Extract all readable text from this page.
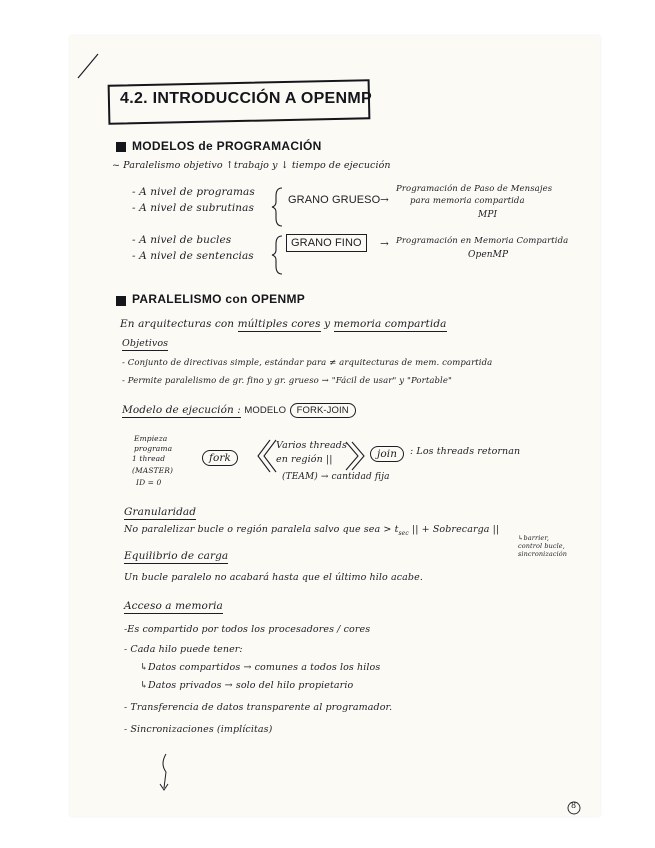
4.2. INTRODUCCIÓN A OPENMP
MODELOS de PROGRAMACIÓN
~ Paralelismo objetivo ↑trabajo y ↓ tiempo de ejecución
- A nivel de programas
- A nivel de subrutinas
GRANO GRUESO →
Programación de Paso de Mensajes
para memoria compartida
MPI
- A nivel de bucles
- A nivel de sentencias
GRANO FINO	→ Programación en Memoria Compartida
OpenMP
PARALELISMO con OPENMP
En arquitecturas con múltiples cores y memoria compartida
Objetivos
- Conjunto de directivas simple, estándar para ≠ arquitecturas de mem. compartida
- Permite paralelismo de gr. fino y gr. grueso → "Fácil de usar" y "Portable"
Modelo de ejecución : MODELO FORK-JOIN
Empieza
programa
1 thread
(MASTER)
ID = 0
fork
Varios threads
en región ||
(TEAM) → cantidad fija
join	: Los threads retornan
Granularidad
No paralelizar bucle o región paralela salvo que sea > $t_{sec}$ || + Sobrecarga ||
↳barrier,
control bucle,
sincronización
Equilibrio de carga
Un bucle paralelo no acabará hasta que el último hilo acabe.
Acceso a memoria
-Es compartido por todos los procesadores / cores
- Cada hilo puede tener:
↳Datos compartidos → comunes a todos los hilos
↳Datos privados → solo del hilo propietario
- Transferencia de datos transparente al programador.
- Sincronizaciones (implícitas)
8
